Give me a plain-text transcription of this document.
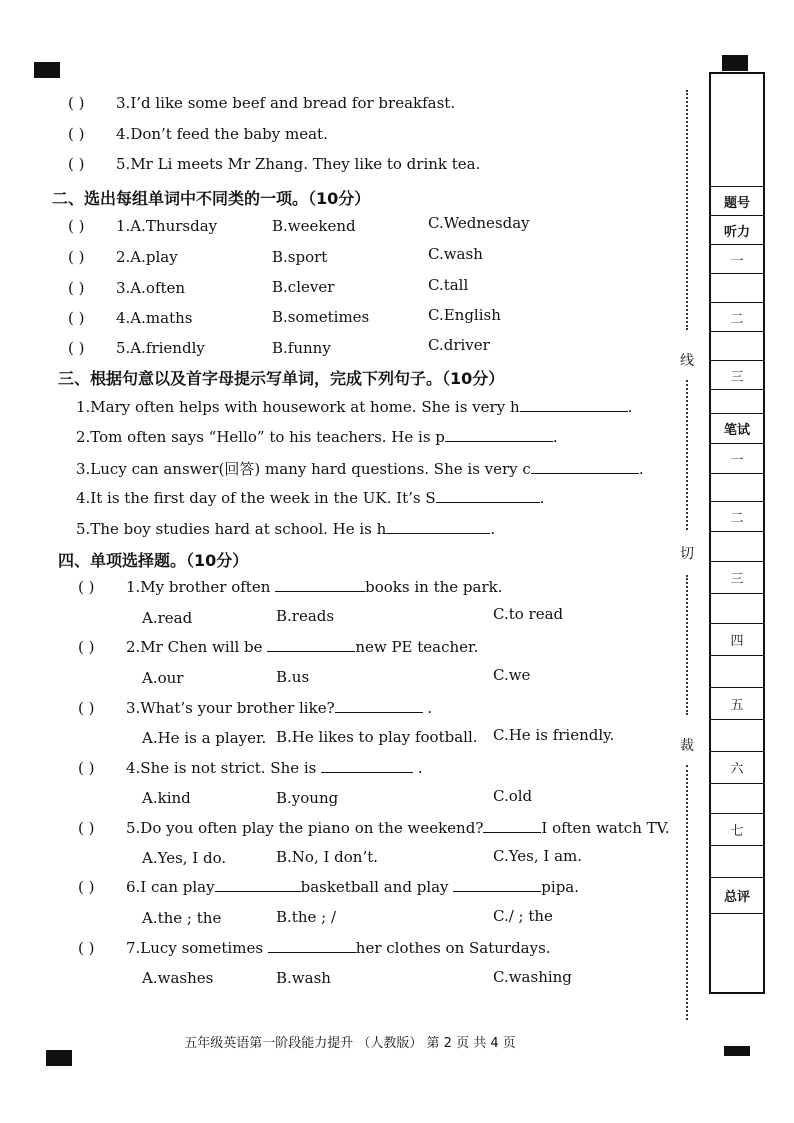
( ) 3.I’d like some beef and bread for breakfast.
( ) 4.Don’t feed the baby meat.
( ) 5.Mr Li meets Mr Zhang. They like to drink tea.
二、选出每组单词中不同类的一项。（10分）
( ) 1.A.Thursday	B.weekend	C.Wednesday
( ) 2.A.play	B.sport	C.wash
( ) 3.A.often	B.clever	C.tall
( ) 4.A.maths	B.sometimes	C.English
( ) 5.A.friendly	B.funny	C.driver
三、根据句意以及首字母提示写单词，完成下列句子。（10分）
1.Mary often helps with housework at home. She is very h	.
2.Tom often says “Hello” to his teachers. He is p	.
3.Lucy can answer(回答) many hard questions. She is very c	.
4.It is the first day of the week in the UK. It’s S	.
5.The boy studies hard at school. He is h	.
四、单项选择题。（10分）
( ) 1.My brother often	books in the park.
A.read	B.reads	C.to read
( ) 2.Mr Chen will be	new PE teacher.
A.our	B.us	C.we
( ) 3.What’s your brother like?	.
A.He is a player. B.He likes to play football. C.He is friendly.
( ) 4.She is not strict. She is	.
A.kind	B.young	C.old
( ) 5.Do you often play the piano on the weekend?	I often watch TV.
A.Yes, I do.	B.No, I don’t.	C.Yes, I am.
( ) 6.I can play	basketball and play	pipa.
A.the ; the	B.the ; /	C./ ; the
( ) 7.Lucy sometimes	her clothes on Saturdays.
A.washes	B.wash	C.washing
线
切
裁
题号
听力
一
二
三
笔试
一
二
三
四
五
六
七
总评
五年级英语第一阶段能力提升 （人教版） 第 2 页 共 4 页
